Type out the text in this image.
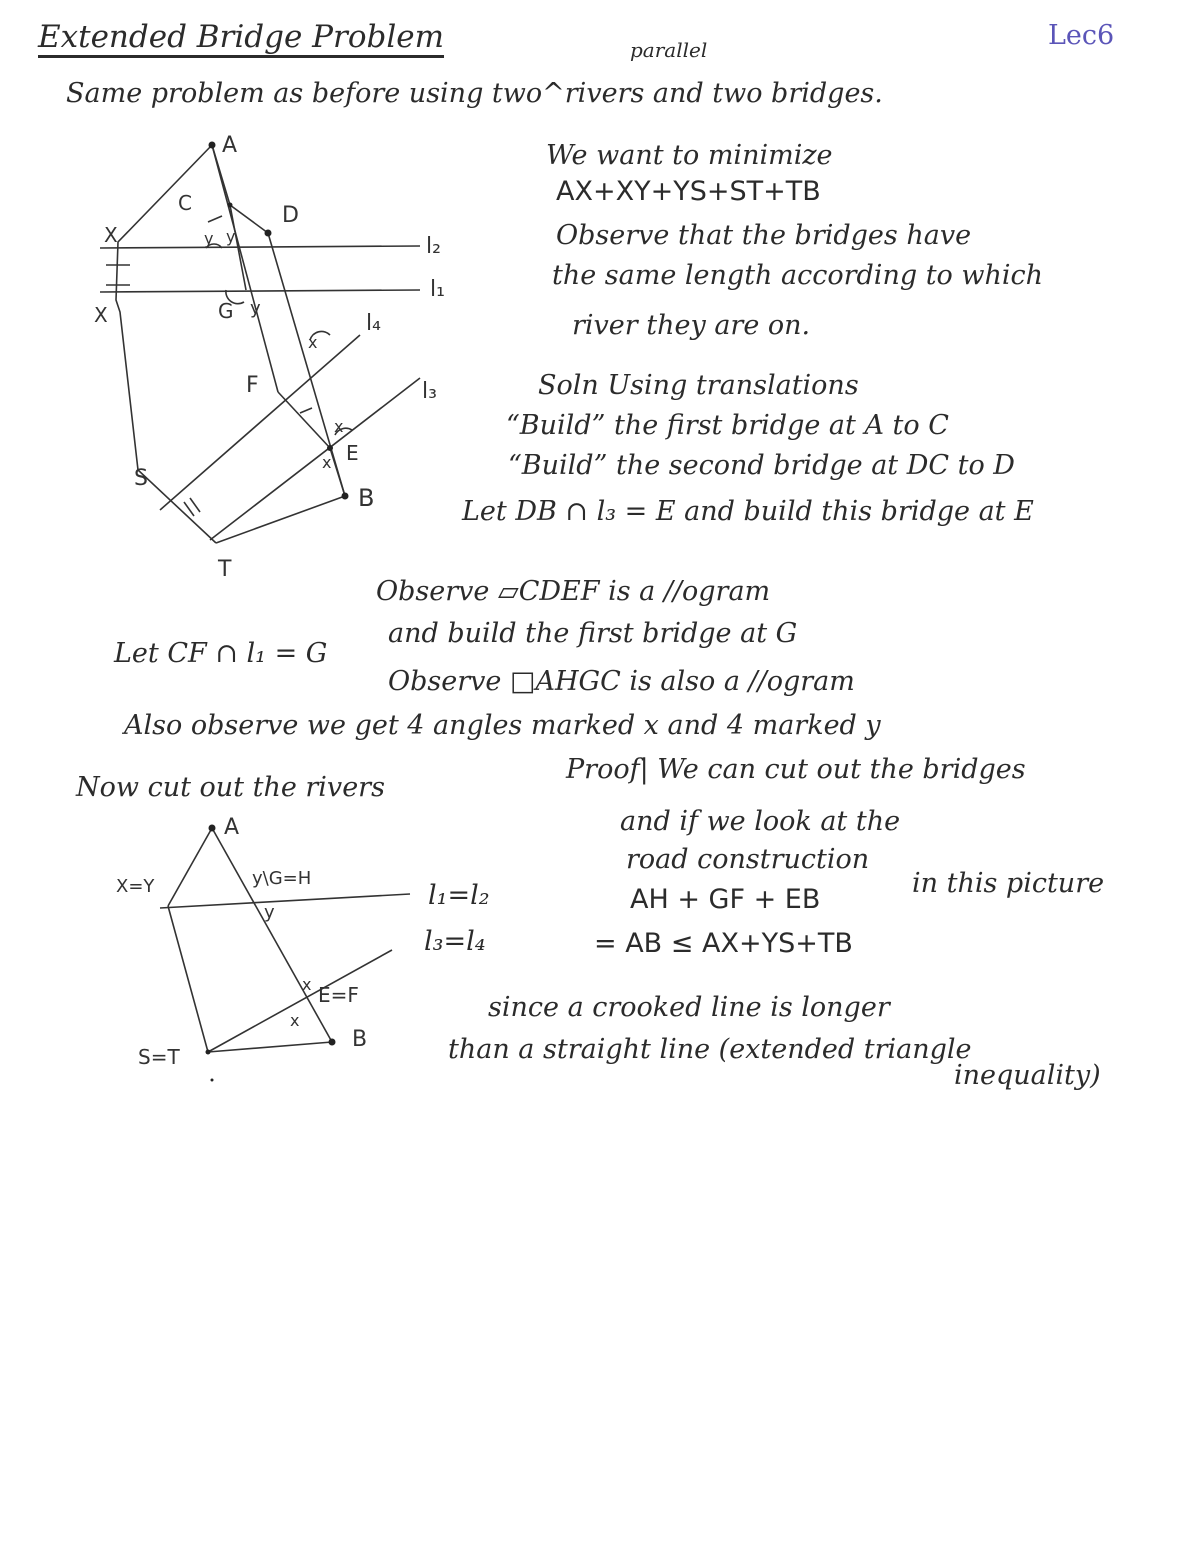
Extended Bridge Problem	Lec6
parallel
Same problem as before using two^rivers and two bridges.
A
C	D
X
X	G y
F
E
B
S
T
l₂
l₁
l₄
l₃
x
x
x
y y
We want to minimize
AX+XY+YS+ST+TB
Observe that the bridges have
the same length according to which
river they are on.
Soln Using translations
“Build” the first bridge at A to C
“Build” the second bridge at DC to D
Let DB ∩ l₃ = E and build this bridge at E
Observe ▱CDEF is a //ogram
Let CF ∩ l₁ = G
and build the first bridge at G
Observe □AHGC is also a //ogram
Also observe we get 4 angles marked x and 4 marked y
Now cut out the rivers
Proof| We can cut out the bridges
and if we look at the
road construction
AH + GF + EB
in this picture
= AB ≤ AX+YS+TB
since a crooked line is longer
than a straight line (extended triangle
inequality)
l₁=l₂
l₃=l₄
A
X=Y	y\G=H
y
E=F
x
x
B
S=T
